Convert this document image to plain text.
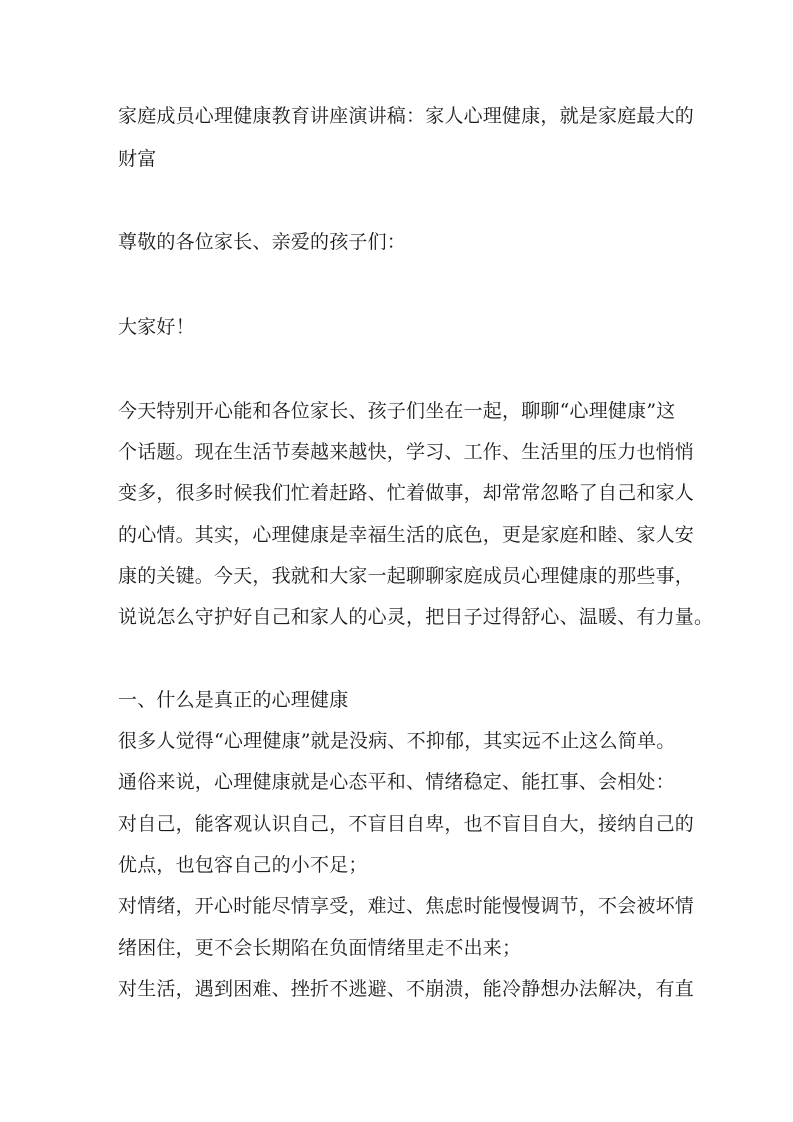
家庭成员心理健康教育讲座演讲稿：家人心理健康，就是家庭最大的
财富
尊敬的各位家长、亲爱的孩子们：
大家好！
今天特别开心能和各位家长、孩子们坐在一起，聊聊“心理健康”这
个话题。现在生活节奏越来越快，学习、工作、生活里的压力也悄悄
变多，很多时候我们忙着赶路、忙着做事，却常常忽略了自己和家人
的心情。其实，心理健康是幸福生活的底色，更是家庭和睦、家人安
康的关键。今天，我就和大家一起聊聊家庭成员心理健康的那些事，
说说怎么守护好自己和家人的心灵，把日子过得舒心、温暖、有力量。
一、什么是真正的心理健康
很多人觉得“心理健康”就是没病、不抑郁，其实远不止这么简单。
通俗来说，心理健康就是心态平和、情绪稳定、能扛事、会相处：
对自己，能客观认识自己，不盲目自卑，也不盲目自大，接纳自己的
优点，也包容自己的小不足；
对情绪，开心时能尽情享受，难过、焦虑时能慢慢调节，不会被坏情
绪困住，更不会长期陷在负面情绪里走不出来；
对生活，遇到困难、挫折不逃避、不崩溃，能冷静想办法解决，有直
